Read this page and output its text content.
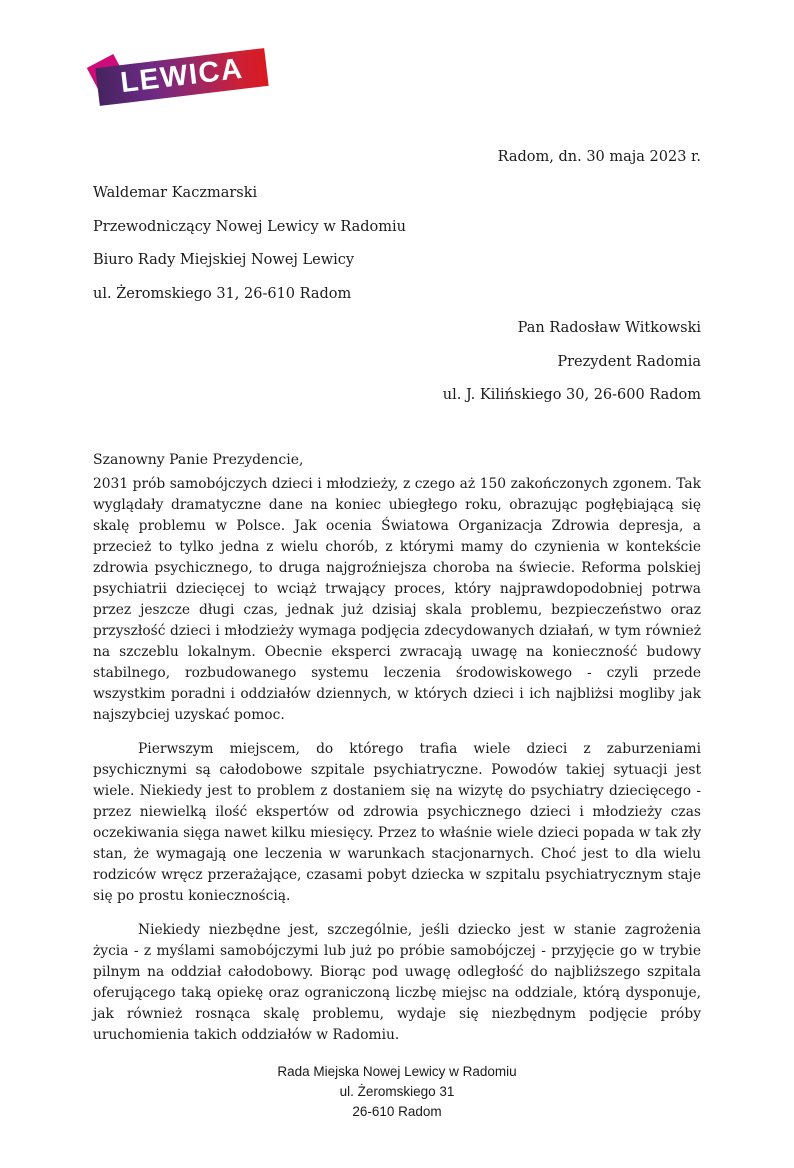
LEWICA
Radom, dn. 30 maja 2023 r.
Waldemar Kaczmarski
Przewodniczący Nowej Lewicy w Radomiu
Biuro Rady Miejskiej Nowej Lewicy
ul. Żeromskiego 31, 26-610 Radom
Pan Radosław Witkowski
Prezydent Radomia
ul. J. Kilińskiego 30, 26-600 Radom
Szanowny Panie Prezydencie,

2031 prób samobójczych dzieci i młodzieży, z czego aż 150 zakończonych zgonem. Tak wyglądały dramatyczne dane na koniec ubiegłego roku, obrazując pogłębiającą się skalę problemu w Polsce. Jak ocenia Światowa Organizacja Zdrowia depresja, a przecież to tylko jedna z wielu chorób, z którymi mamy do czynienia w kontekście zdrowia psychicznego, to druga najgroźniejsza choroba na świecie. Reforma polskiej psychiatrii dziecięcej to wciąż trwający proces, który najprawdopodobniej potrwa przez jeszcze długi czas, jednak już dzisiaj skala problemu, bezpieczeństwo oraz przyszłość dzieci i młodzieży wymaga podjęcia zdecydowanych działań, w tym również na szczeblu lokalnym. Obecnie eksperci zwracają uwagę na konieczność budowy stabilnego, rozbudowanego systemu leczenia środowiskowego - czyli przede wszystkim poradni i oddziałów dziennych, w których dzieci i ich najbliżsi mogliby jak najszybciej uzyskać pomoc.

Pierwszym miejscem, do którego trafia wiele dzieci z zaburzeniami psychicznymi są całodobowe szpitale psychiatryczne. Powodów takiej sytuacji jest wiele. Niekiedy jest to problem z dostaniem się na wizytę do psychiatry dziecięcego - przez niewielką ilość ekspertów od zdrowia psychicznego dzieci i młodzieży czas oczekiwania sięga nawet kilku miesięcy. Przez to właśnie wiele dzieci popada w tak zły stan, że wymagają one leczenia w warunkach stacjonarnych. Choć jest to dla wielu rodziców wręcz przerażające, czasami pobyt dziecka w szpitalu psychiatrycznym staje się po prostu koniecznością.

Niekiedy niezbędne jest, szczególnie, jeśli dziecko jest w stanie zagrożenia życia - z myślami samobójczymi lub już po próbie samobójczej - przyjęcie go w trybie pilnym na oddział całodobowy. Biorąc pod uwagę odległość do najbliższego szpitala oferującego taką opiekę oraz ograniczoną liczbę miejsc na oddziale, którą dysponuje, jak również rosnąca skalę problemu, wydaje się niezbędnym podjęcie próby uruchomienia takich oddziałów w Radomiu.

Rada Miejska Nowej Lewicy w Radomiu
ul. Żeromskiego 31
26-610 Radom
